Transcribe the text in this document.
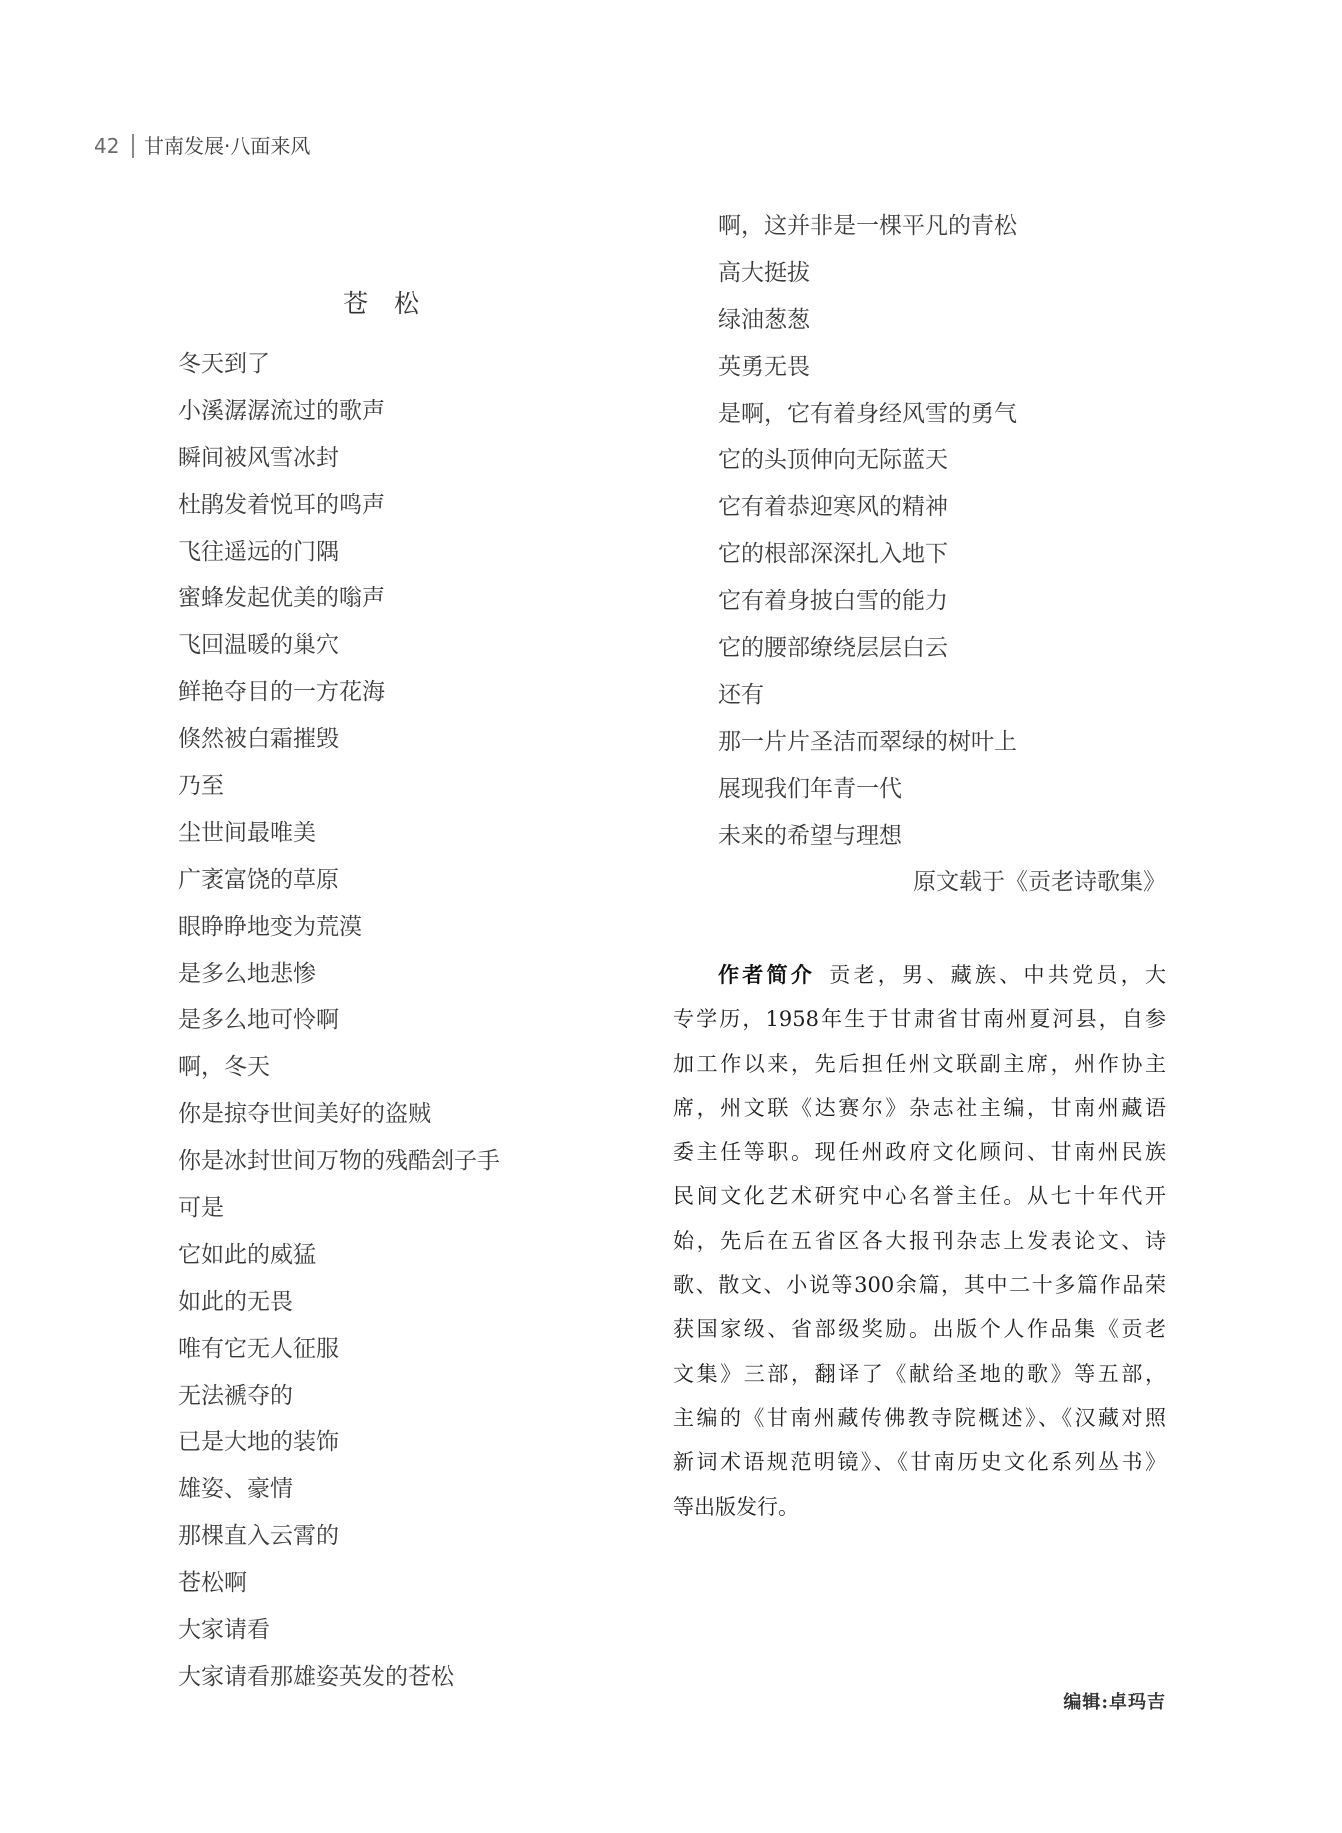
42 甘南发展·八面来风
苍 松
冬天到了
小溪潺潺流过的歌声
瞬间被风雪冰封
杜鹃发着悦耳的鸣声
飞往遥远的门隅
蜜蜂发起优美的嗡声
飞回温暖的巢穴
鲜艳夺目的一方花海
倏然被白霜摧毁
乃至
尘世间最唯美
广袤富饶的草原
眼睁睁地变为荒漠
是多么地悲惨
是多么地可怜啊
啊，冬天
你是掠夺世间美好的盗贼
你是冰封世间万物的残酷刽子手
可是
它如此的威猛
如此的无畏
唯有它无人征服
无法褫夺的
已是大地的装饰
雄姿、豪情
那棵直入云霄的
苍松啊
大家请看
大家请看那雄姿英发的苍松
啊，这并非是一棵平凡的青松
高大挺拔
绿油葱葱
英勇无畏
是啊，它有着身经风雪的勇气
它的头顶伸向无际蓝天
它有着恭迎寒风的精神
它的根部深深扎入地下
它有着身披白雪的能力
它的腰部缭绕层层白云
还有
那一片片圣洁而翠绿的树叶上
展现我们年青一代
未来的希望与理想
原文载于《贡老诗歌集》
作者简介 贡老，男、藏族、中共党员，大
专学历，1958年生于甘肃省甘南州夏河县，自参
加工作以来，先后担任州文联副主席，州作协主
席，州文联《达赛尔》杂志社主编，甘南州藏语
委主任等职。现任州政府文化顾问、甘南州民族
民间文化艺术研究中心名誉主任。从七十年代开
始，先后在五省区各大报刊杂志上发表论文、诗
歌、散文、小说等300余篇，其中二十多篇作品荣
获国家级、省部级奖励。出版个人作品集《贡老
文集》三部，翻译了《献给圣地的歌》等五部，
主编的《甘南州藏传佛教寺院概述》、《汉藏对照
新词术语规范明镜》、《甘南历史文化系列丛书》
等出版发行。
编辑:卓玛吉
